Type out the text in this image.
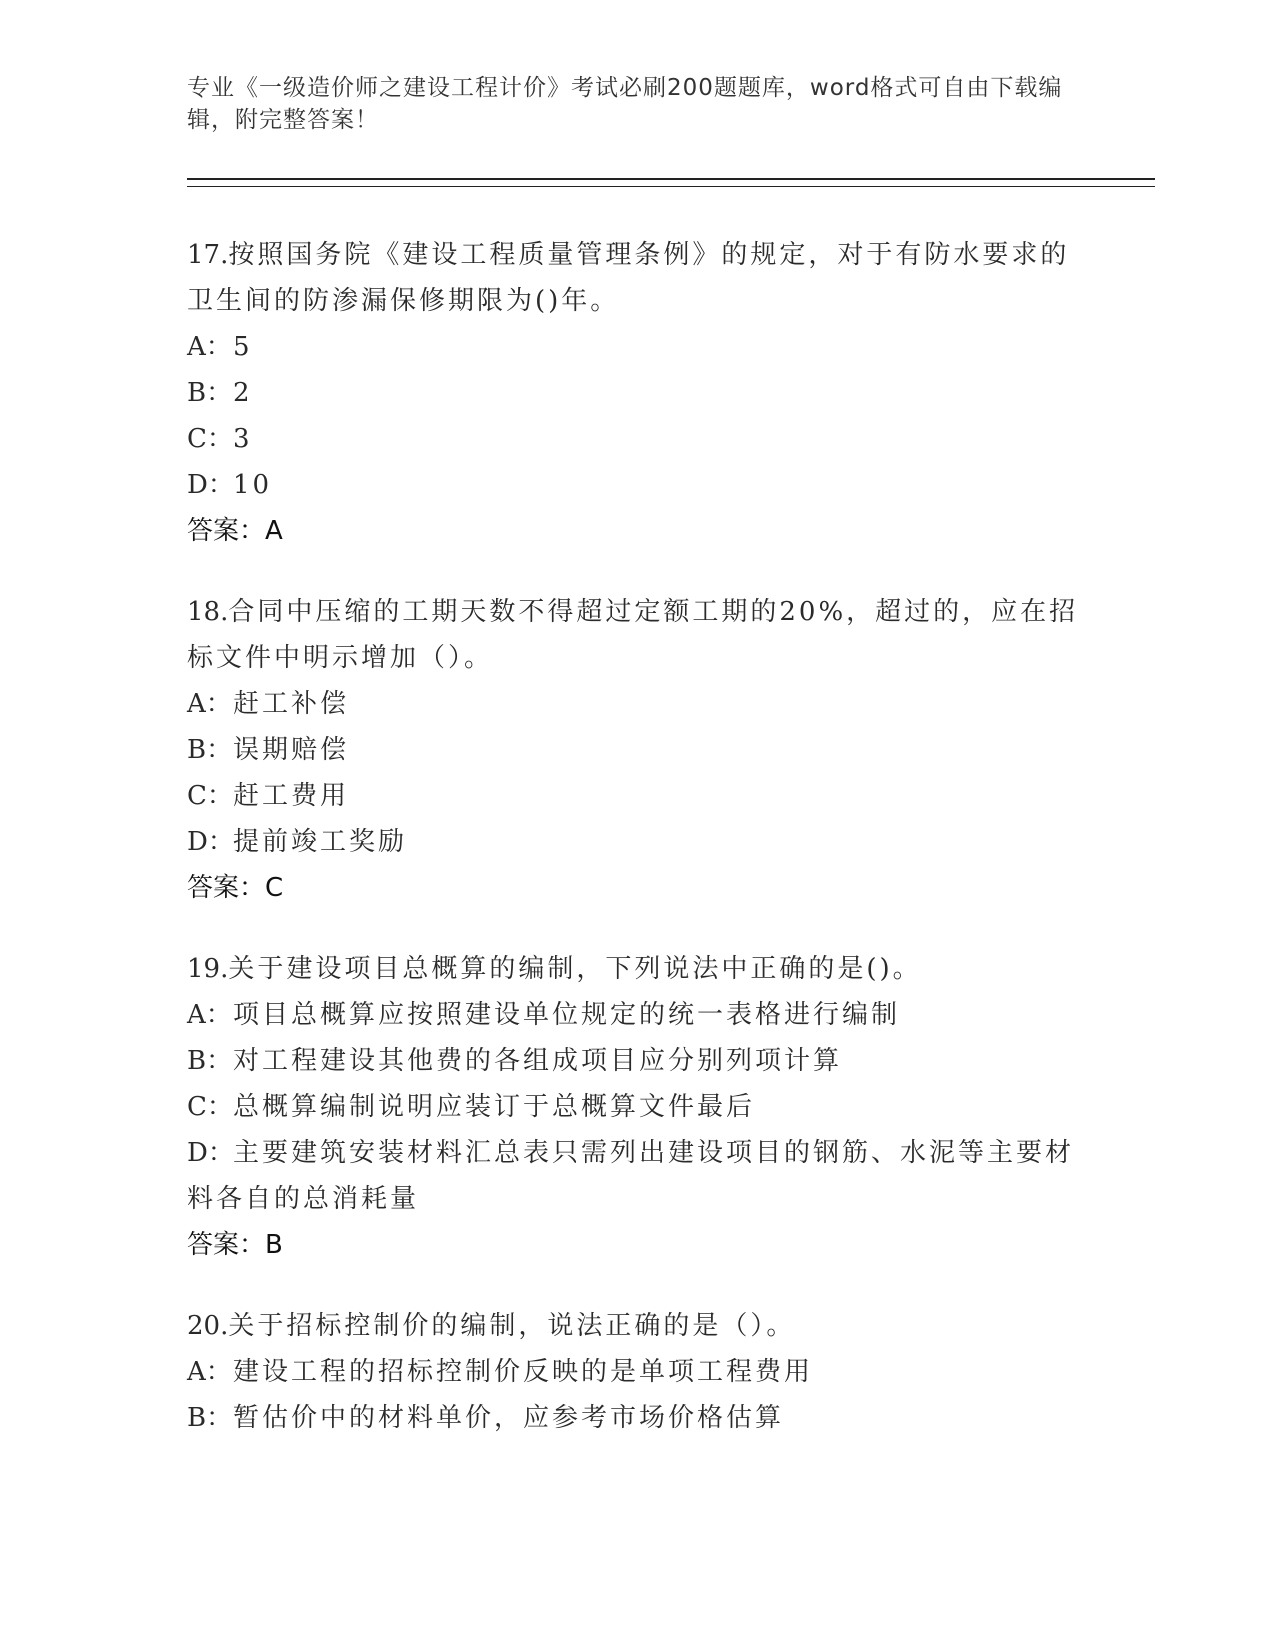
专业《一级造价师之建设工程计价》考试必刷200题题库，word格式可自由下载编辑，附完整答案！
17.按照国务院《建设工程质量管理条例》的规定，对于有防水要求的卫生间的防渗漏保修期限为()年。
A：5
B：2
C：3
D：10
答案：A
18.合同中压缩的工期天数不得超过定额工期的20%，超过的，应在招标文件中明示增加（）。
A：赶工补偿
B：误期赔偿
C：赶工费用
D：提前竣工奖励
答案：C
19.关于建设项目总概算的编制，下列说法中正确的是()。
A：项目总概算应按照建设单位规定的统一表格进行编制
B：对工程建设其他费的各组成项目应分别列项计算
C：总概算编制说明应装订于总概算文件最后
D：主要建筑安装材料汇总表只需列出建设项目的钢筋、水泥等主要材料各自的总消耗量
答案：B
20.关于招标控制价的编制，说法正确的是（）。
A：建设工程的招标控制价反映的是单项工程费用
B：暂估价中的材料单价，应参考市场价格估算
